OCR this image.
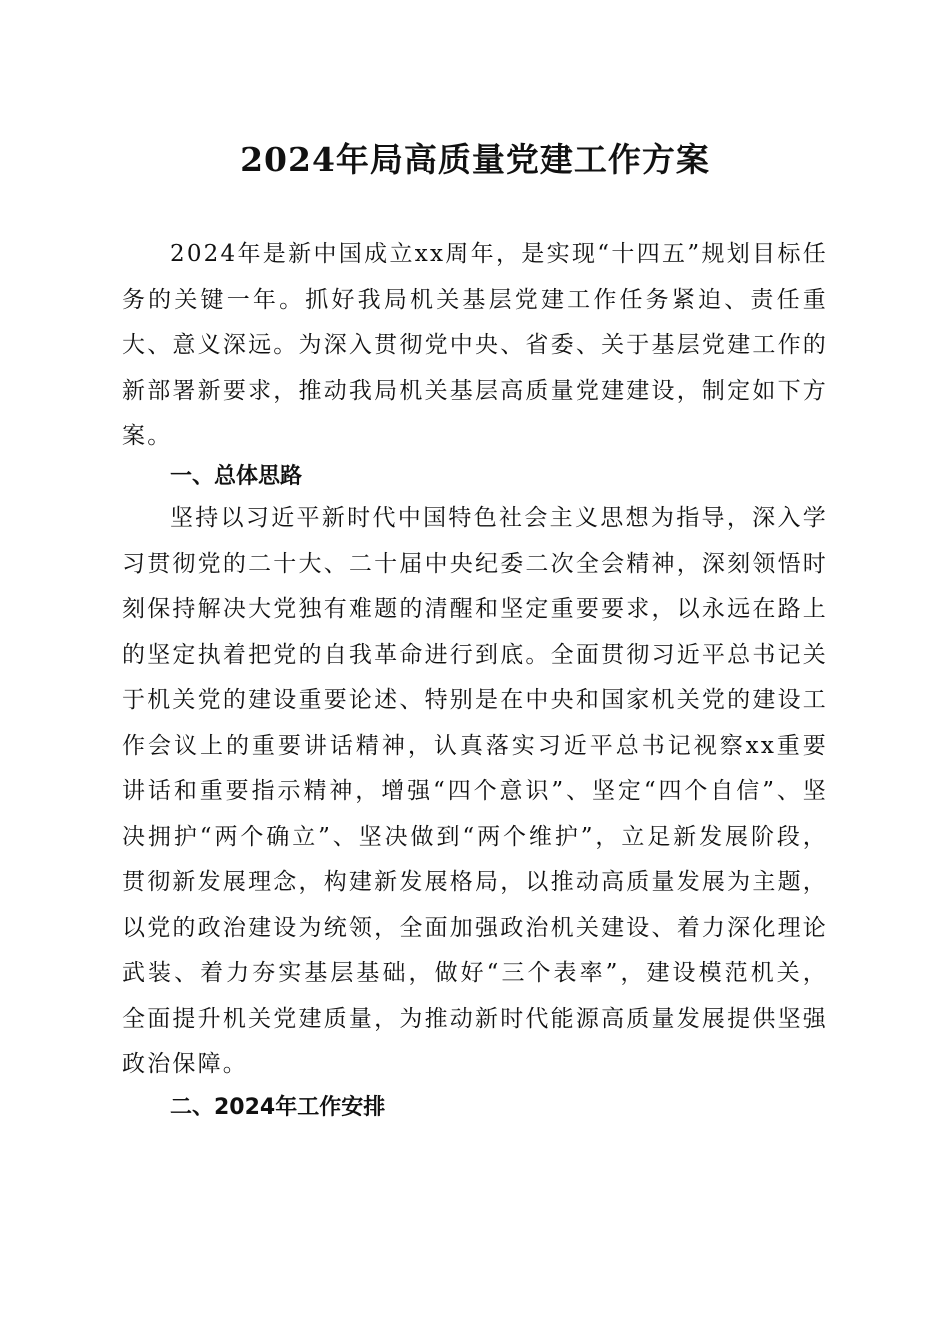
2024年局高质量党建工作方案

2024年是新中国成立xx周年，是实现“十四五”规划目标任务的关键一年。抓好我局机关基层党建工作任务紧迫、责任重大、意义深远。为深入贯彻党中央、省委、关于基层党建工作的新部署新要求，推动我局机关基层高质量党建建设，制定如下方案。

一、总体思路

坚持以习近平新时代中国特色社会主义思想为指导，深入学习贯彻党的二十大、二十届中央纪委二次全会精神，深刻领悟时刻保持解决大党独有难题的清醒和坚定重要要求，以永远在路上的坚定执着把党的自我革命进行到底。全面贯彻习近平总书记关于机关党的建设重要论述、特别是在中央和国家机关党的建设工作会议上的重要讲话精神，认真落实习近平总书记视察xx重要讲话和重要指示精神，增强“四个意识”、坚定“四个自信”、坚决拥护“两个确立”、坚决做到“两个维护”，立足新发展阶段，贯彻新发展理念，构建新发展格局，以推动高质量发展为主题，以党的政治建设为统领，全面加强政治机关建设、着力深化理论武装、着力夯实基层基础，做好“三个表率”，建设模范机关，全面提升机关党建质量，为推动新时代能源高质量发展提供坚强政治保障。

二、2024年工作安排
